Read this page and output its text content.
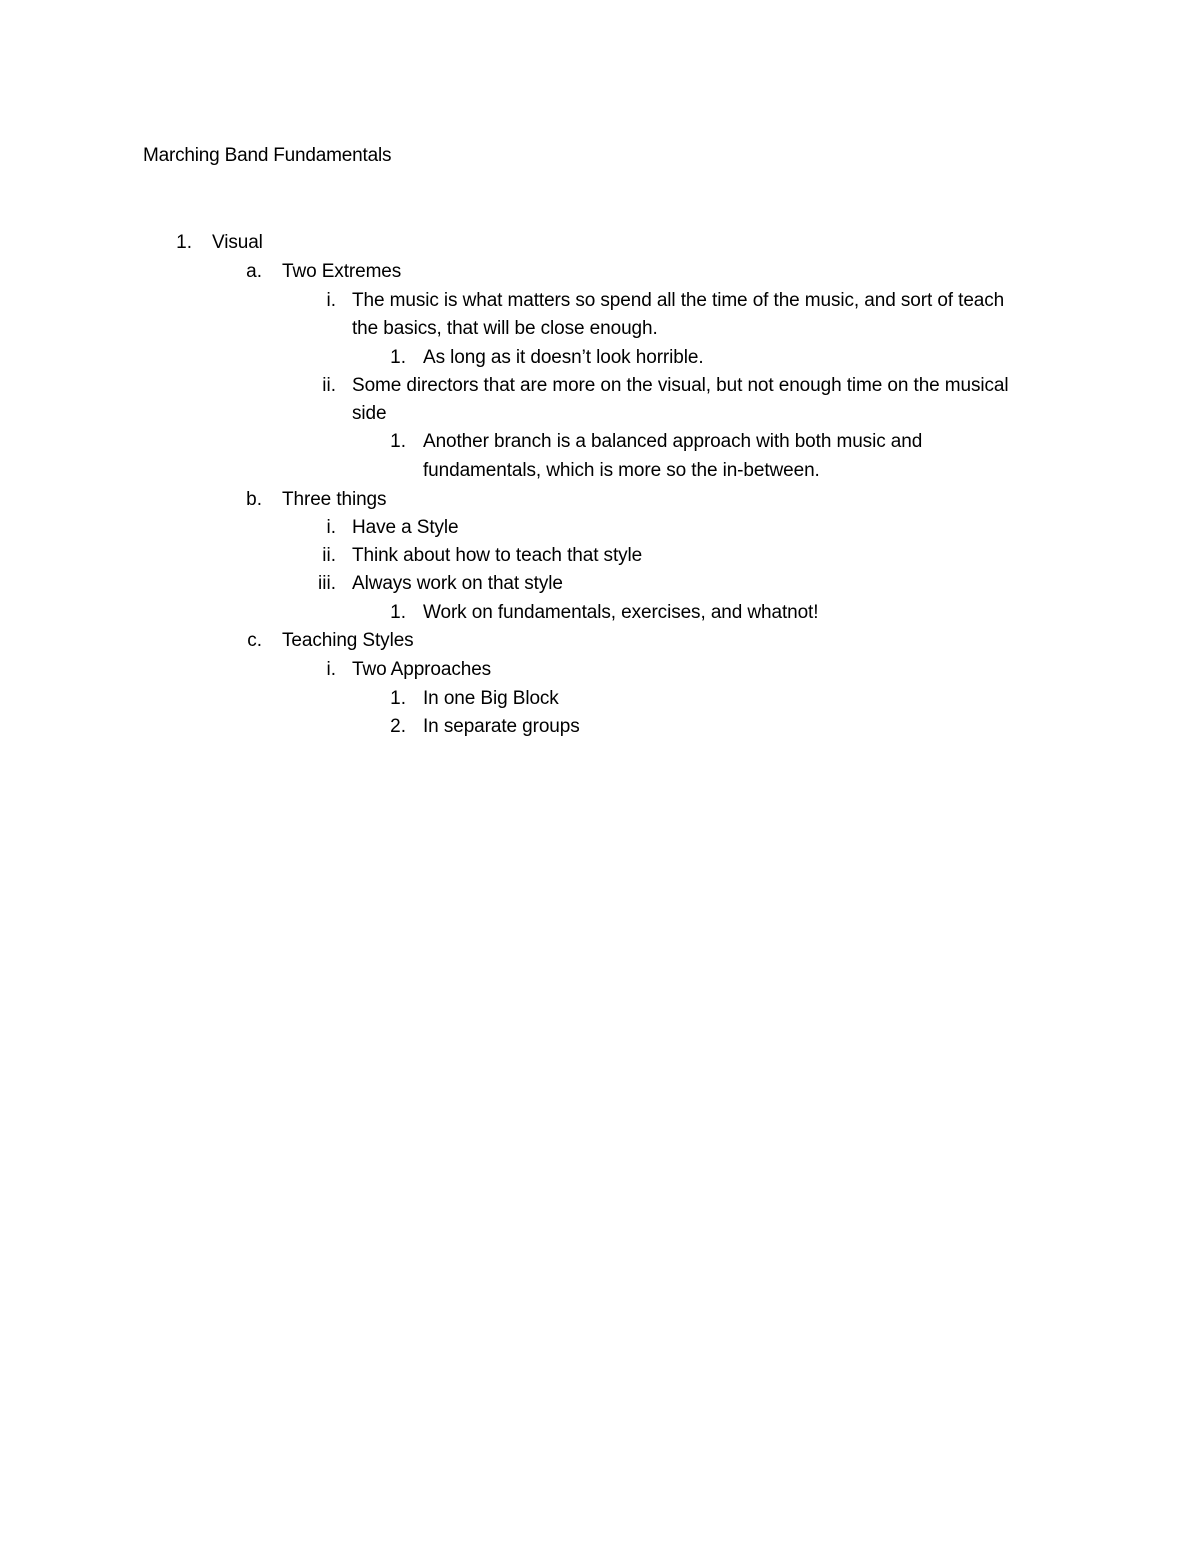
Marching Band Fundamentals
1. Visual
a. Two Extremes
i. The music is what matters so spend all the time of the music, and sort of teach
the basics, that will be close enough.
1. As long as it doesn’t look horrible.
ii. Some directors that are more on the visual, but not enough time on the musical
side
1. Another branch is a balanced approach with both music and
fundamentals, which is more so the in-between.
b. Three things
i. Have a Style
ii. Think about how to teach that style
iii. Always work on that style
1. Work on fundamentals, exercises, and whatnot!
c. Teaching Styles
i. Two Approaches
1. In one Big Block
2. In separate groups
